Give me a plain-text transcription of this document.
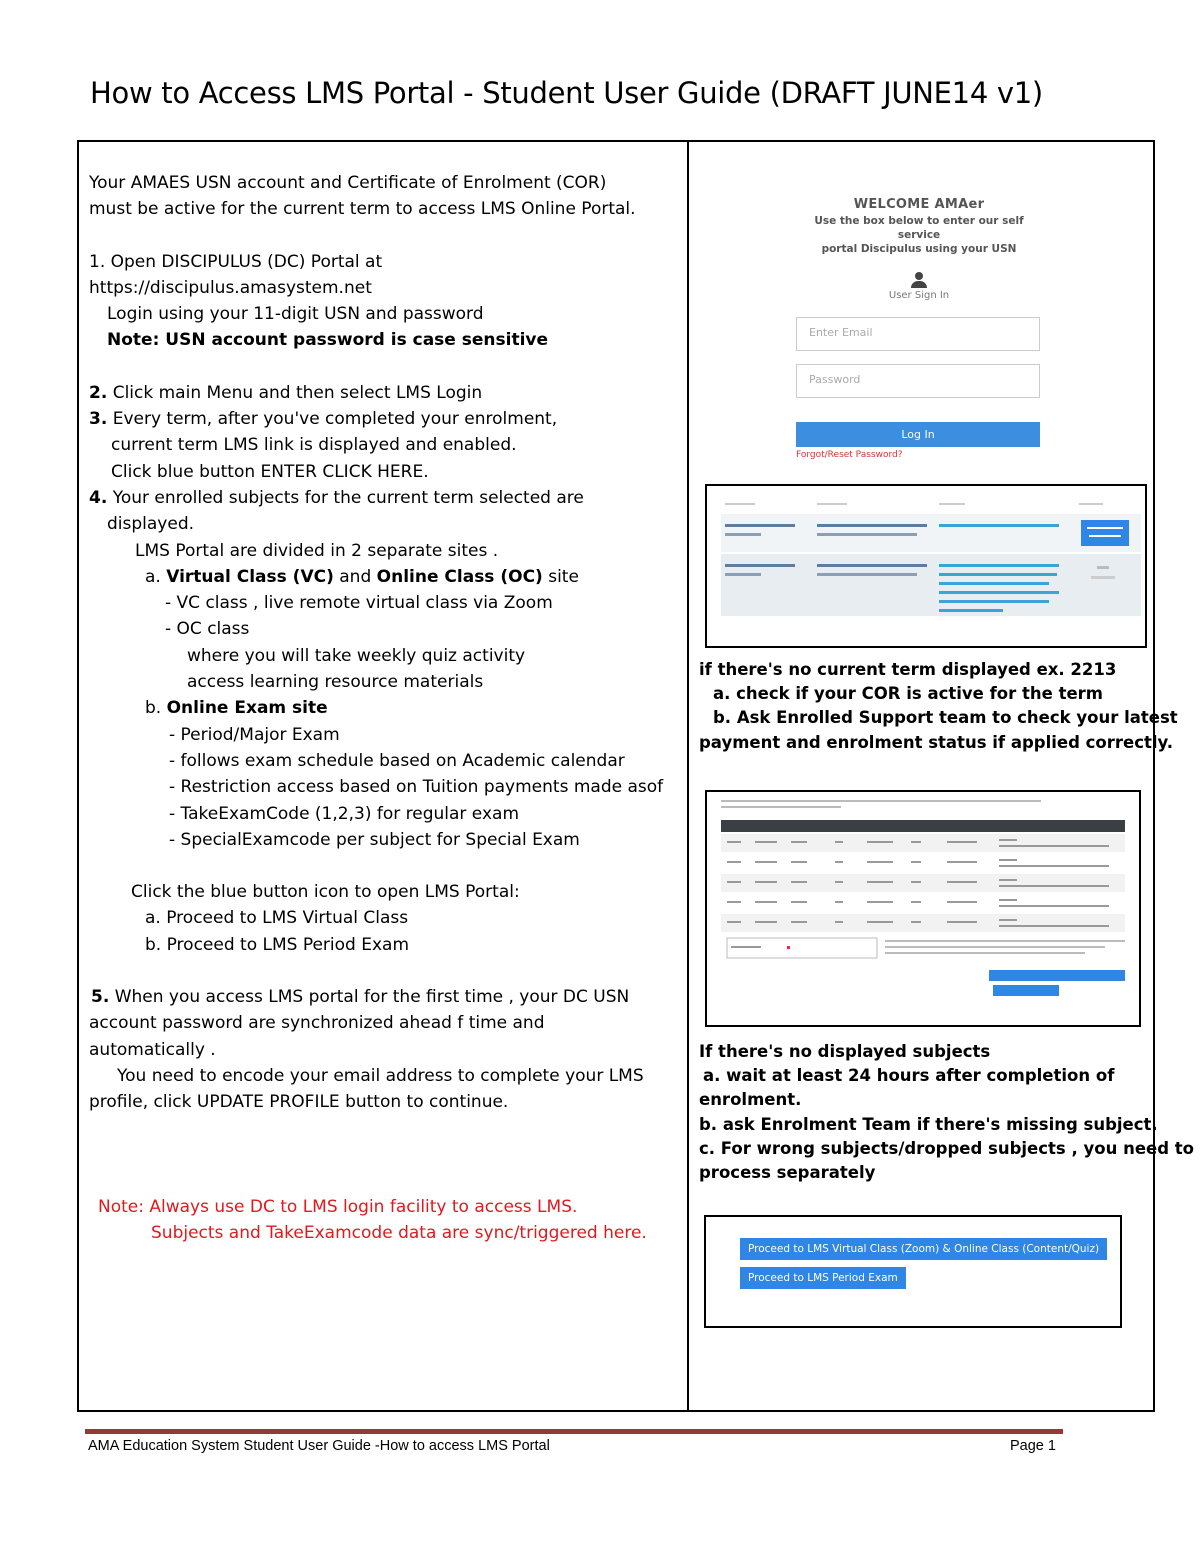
How to Access LMS Portal - Student User Guide (DRAFT JUNE14 v1)

Your AMAES USN account and Certificate of Enrolment (COR)

must be active for the current term to access LMS Online Portal.

1. Open DISCIPULUS (DC) Portal at

https://discipulus.amasystem.net

Login using your 11-digit USN and password

Note: USN account password is case sensitive

2. Click main Menu and then select LMS Login

3. Every term, after you've completed your enrolment,

current term LMS link is displayed and enabled.

Click blue button ENTER CLICK HERE.

4. Your enrolled subjects for the current term selected are

displayed.

LMS Portal are divided in 2 separate sites .

a. Virtual Class (VC) and Online Class (OC) site

- VC class , live remote virtual class via Zoom

- OC class

where you will take weekly quiz activity

access learning resource materials

b. Online Exam site

- Period/Major Exam

- follows exam schedule based on Academic calendar

- Restriction access based on Tuition payments made asof

- TakeExamCode (1,2,3) for regular exam

- SpecialExamcode per subject for Special Exam

Click the blue button icon to open LMS Portal:

a. Proceed to LMS Virtual Class

b. Proceed to LMS Period Exam

5. When you access LMS portal for the first time , your DC USN

account password are synchronized ahead f time and

automatically .

You need to encode your email address to complete your LMS

profile, click UPDATE PROFILE button to continue.

Note: Always use DC to LMS login facility to access LMS.

Subjects and TakeExamcode data are sync/triggered here.

WELCOME AMAer
Use the box below to enter our self service
portal Discipulus using your USN
User Sign In
Enter Email
Password
Log In
Forgot/Reset Password?

if there's no current term displayed ex. 2213

a. check if your COR is active for the term

b. Ask Enrolled Support team to check your latest

payment and enrolment status if applied correctly.

If there's no displayed subjects

a. wait at least 24 hours after completion of

enrolment.

b. ask Enrolment Team if there's missing subject.

c. For wrong subjects/dropped subjects , you need to

process separately

Proceed to LMS Virtual Class (Zoom) & Online Class (Content/Quiz)
Proceed to LMS Period Exam
AMA Education System Student User Guide -How to access LMS Portal	Page 1
